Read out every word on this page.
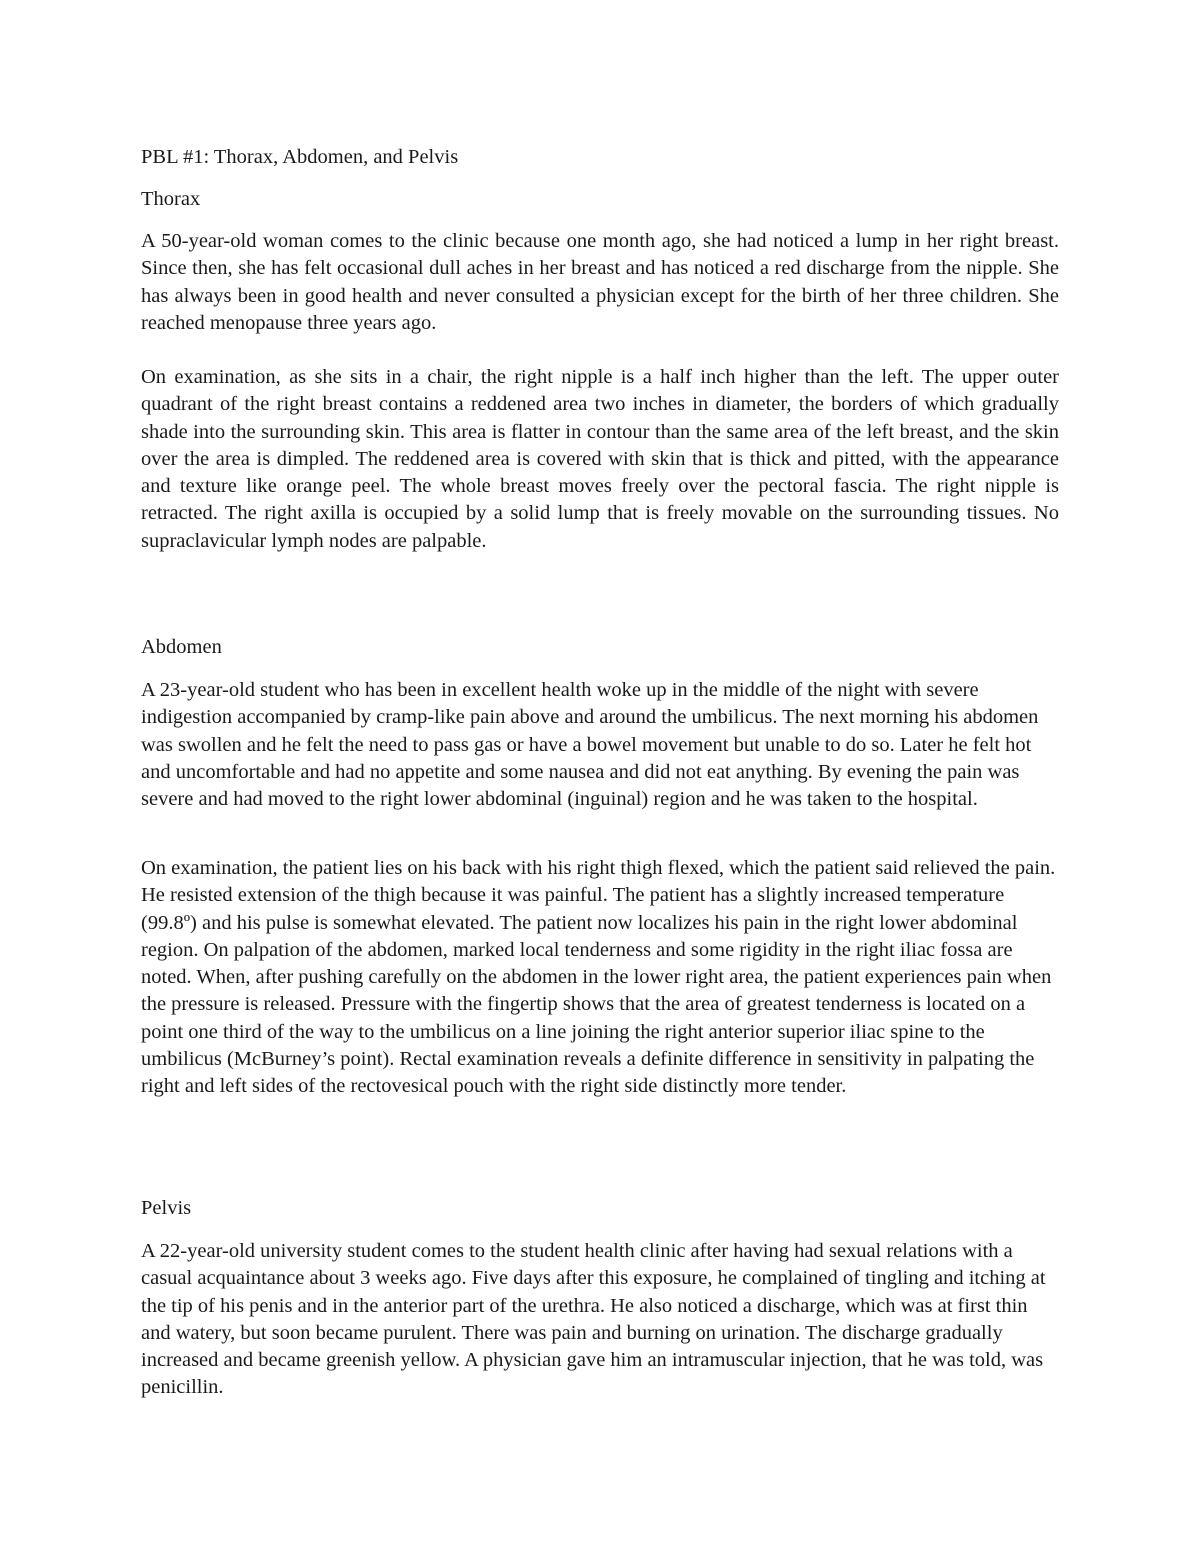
PBL #1: Thorax, Abdomen, and Pelvis

Thorax

A 50-year-old woman comes to the clinic because one month ago, she had noticed a lump in her right breast. Since then, she has felt occasional dull aches in her breast and has noticed a red discharge from the nipple. She has always been in good health and never consulted a physician except for the birth of her three children. She reached menopause three years ago.

On examination, as she sits in a chair, the right nipple is a half inch higher than the left. The upper outer quadrant of the right breast contains a reddened area two inches in diameter, the borders of which gradually shade into the surrounding skin. This area is flatter in contour than the same area of the left breast, and the skin over the area is dimpled. The reddened area is covered with skin that is thick and pitted, with the appearance and texture like orange peel. The whole breast moves freely over the pectoral fascia. The right nipple is retracted. The right axilla is occupied by a solid lump that is freely movable on the surrounding tissues. No supraclavicular lymph nodes are palpable.

Abdomen

A 23-year-old student who has been in excellent health woke up in the middle of the night with severe indigestion accompanied by cramp-like pain above and around the umbilicus. The next morning his abdomen was swollen and he felt the need to pass gas or have a bowel movement but unable to do so. Later he felt hot and uncomfortable and had no appetite and some nausea and did not eat anything. By evening the pain was severe and had moved to the right lower abdominal (inguinal) region and he was taken to the hospital.

On examination, the patient lies on his back with his right thigh flexed, which the patient said relieved the pain. He resisted extension of the thigh because it was painful. The patient has a slightly increased temperature (99.8º) and his pulse is somewhat elevated. The patient now localizes his pain in the right lower abdominal region. On palpation of the abdomen, marked local tenderness and some rigidity in the right iliac fossa are noted. When, after pushing carefully on the abdomen in the lower right area, the patient experiences pain when the pressure is released. Pressure with the fingertip shows that the area of greatest tenderness is located on a point one third of the way to the umbilicus on a line joining the right anterior superior iliac spine to the umbilicus (McBurney’s point). Rectal examination reveals a definite difference in sensitivity in palpating the right and left sides of the rectovesical pouch with the right side distinctly more tender.

Pelvis

A 22-year-old university student comes to the student health clinic after having had sexual relations with a casual acquaintance about 3 weeks ago. Five days after this exposure, he complained of tingling and itching at the tip of his penis and in the anterior part of the urethra. He also noticed a discharge, which was at first thin and watery, but soon became purulent. There was pain and burning on urination. The discharge gradually increased and became greenish yellow. A physician gave him an intramuscular injection, that he was told, was penicillin.
